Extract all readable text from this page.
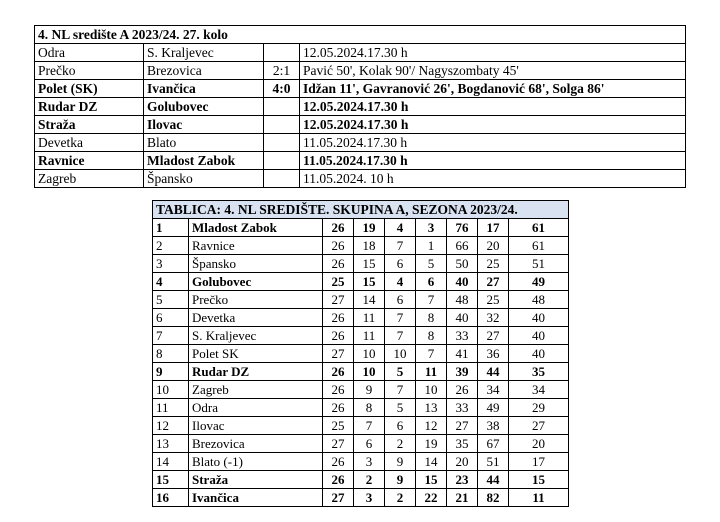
4. NL središte A 2023/24. 27. kolo			
Odra	S. Kraljevec		12.05.2024.17.30 h
Prečko	Brezovica	2:1	Pavić 50', Kolak 90'/ Nagyszombaty 45'
Polet (SK)	Ivančica	4:0	Idžan 11', Gavranović 26', Bogdanović 68', Solga 86'
Rudar DZ	Golubovec		12.05.2024.17.30 h
Straža	Ilovac		12.05.2024.17.30 h
Devetka	Blato		11.05.2024.17.30 h
Ravnice	Mladost Zabok		11.05.2024.17.30 h
Zagreb	Špansko		11.05.2024. 10 h
TABLICA: 4. NL SREDIŠTE. SKUPINA A, SEZONA 2023/24.								
1	Mladost Zabok	26	19	4	3	76	17	61
2	Ravnice	26	18	7	1	66	20	61
3	Špansko	26	15	6	5	50	25	51
4	Golubovec	25	15	4	6	40	27	49
5	Prečko	27	14	6	7	48	25	48
6	Devetka	26	11	7	8	40	32	40
7	S. Kraljevec	26	11	7	8	33	27	40
8	Polet SK	27	10	10	7	41	36	40
9	Rudar DZ	26	10	5	11	39	44	35
10	Zagreb	26	9	7	10	26	34	34
11	Odra	26	8	5	13	33	49	29
12	Ilovac	25	7	6	12	27	38	27
13	Brezovica	27	6	2	19	35	67	20
14	Blato (-1)	26	3	9	14	20	51	17
15	Straža	26	2	9	15	23	44	15
16	Ivančica	27	3	2	22	21	82	11
